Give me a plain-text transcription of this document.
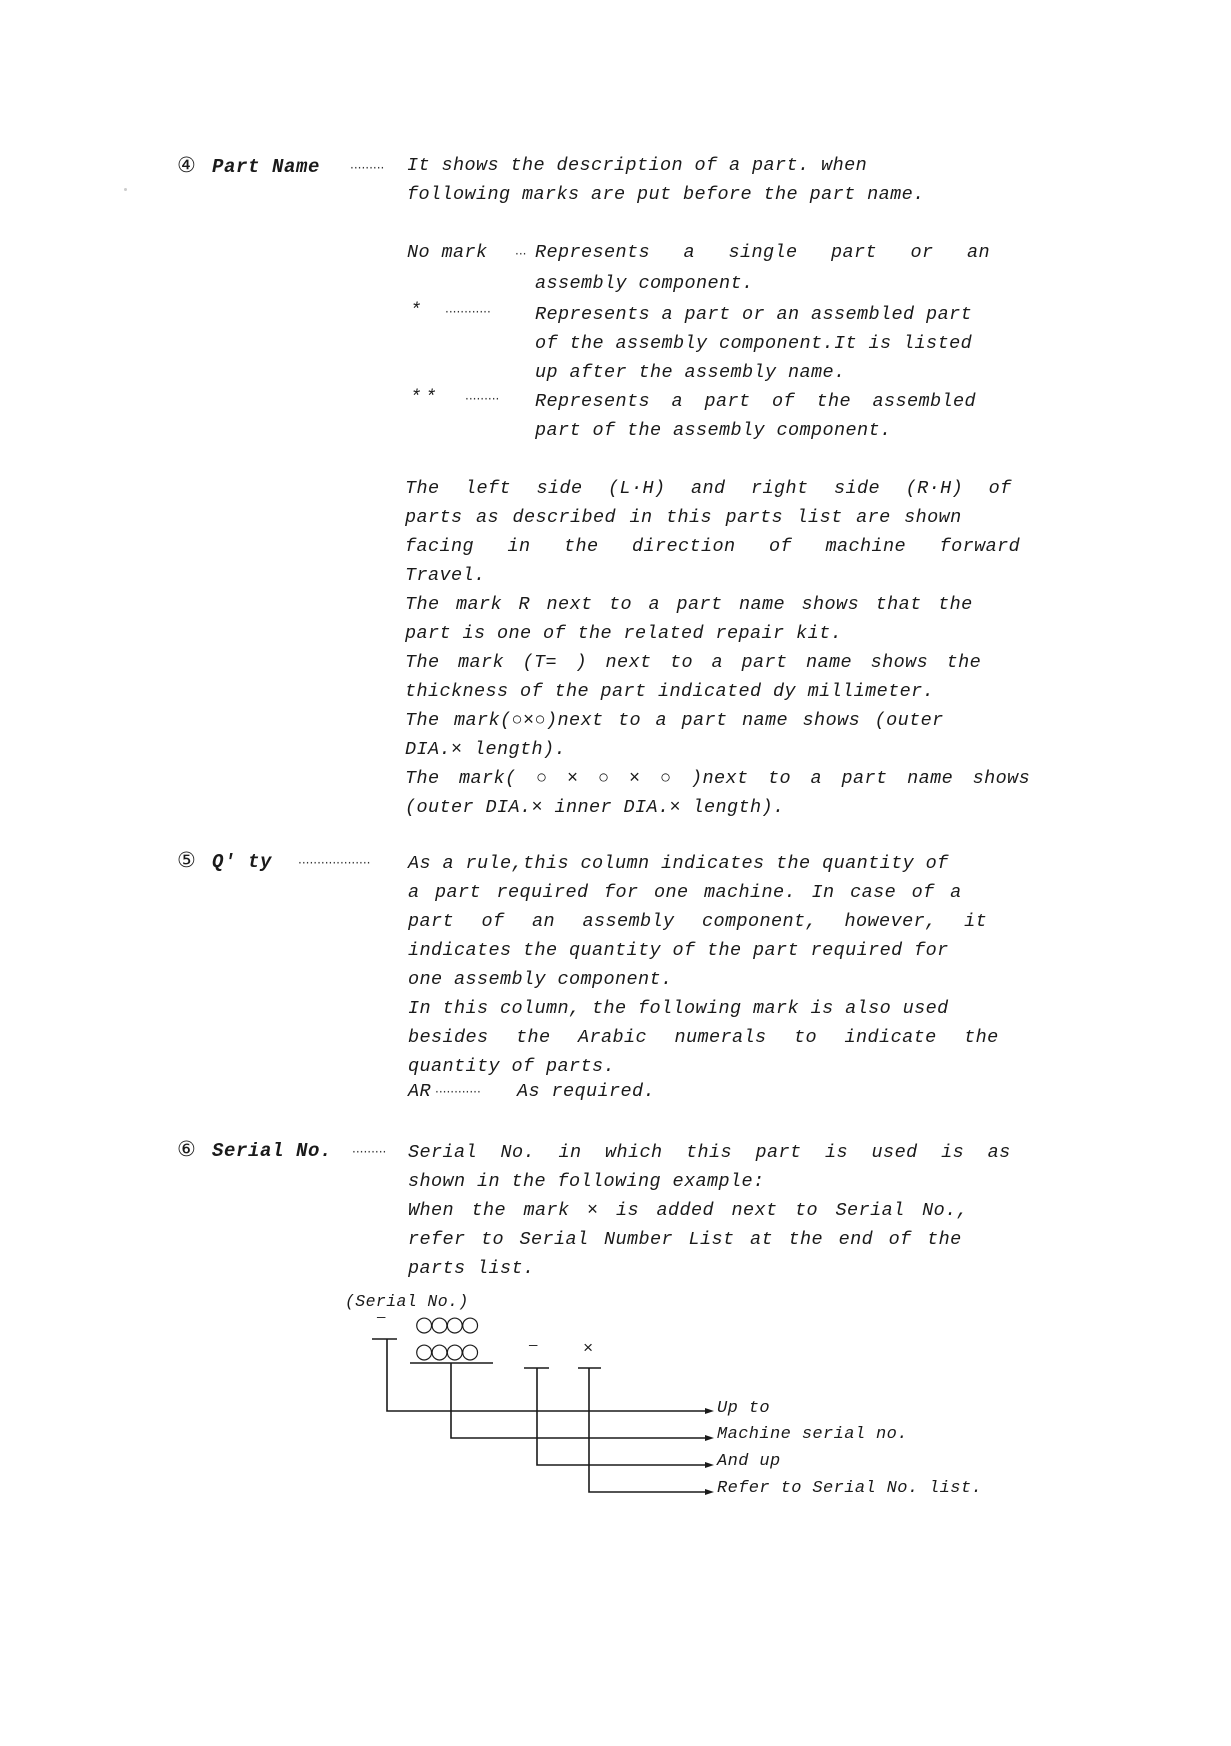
④ Part Name ········· It shows the description of a part. when
following marks are put before the part name.
No mark ··· Represents a single part or an
assembly component.
* ············ Represents a part or an assembled part
of the assembly component.It is listed
up after the assembly name.
** ········· Represents a part of the assembled
part of the assembly component.
The left side (L·H) and right side (R·H) of
parts as described in this parts list are shown
facing in the direction of machine forward
Travel.
The mark R next to a part name shows that the
part is one of the related repair kit.
The mark (T= ) next to a part name shows the
thickness of the part indicated dy millimeter.
The mark(○×○)next to a part name shows (outer
DIA.× length).
The mark( ○ × ○ × ○ )next to a part name shows
(outer DIA.× inner DIA.× length).
⑤ Q′ ty ··················· As a rule,this column indicates the quantity of
a part required for one machine. In case of a
part of an assembly component, however, it
indicates the quantity of the part required for
one assembly component.
In this column, the following mark is also used
besides the Arabic numerals to indicate the
quantity of parts.
AR ············ As required.
⑥ Serial No. ········· Serial No. in which this part is used is as
shown in the following example:
When the mark × is added next to Serial No.,
refer to Serial Number List at the end of the
parts list.
(Serial No.)
— ○○○○
○○○○	—	×
Up to
Machine serial no.
And up
Refer to Serial No. list.
